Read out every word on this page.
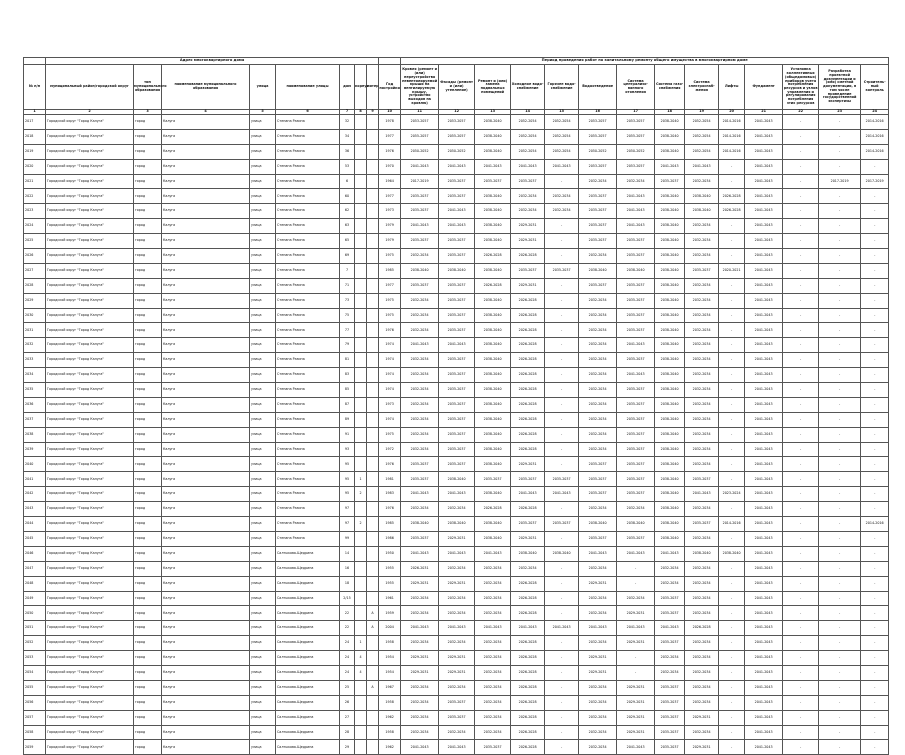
	Адрес многоквартирного дома									Период проведения работ по капитальному ремонту общего имущества в многоквартирном доме													
№ п/п	муниципальный район/городской округ	тип муниципального образования	наименование муниципального образования	улица	наименование улицы	дом	корпус	литер	Год постройки	Кровля (ремонт и (или) переустройство невентилируемой крыши на вентилируемую крышу, устройство выходов на кровлю)	Фасады (ремонт и (или) утепление)	Ремонт и (или) замена подвальных помещений	Холодное водо-снабжение	Горячее водо-снабжение	Водоотведение	Система централизо-ванного отопления	Система газо-снабжения	Система электроснаб-жения	Лифты	Фундамент	Установка коллективных (общедомовых) приборов учета потребления ресурсов и узлов управления и регулирования потребления этих ресурсов	Разработка проектной документации и (или) сметной документации, в том числе проведение государственной экспертизы	Строитель-ный контроль
1	2	3	4	5	6	7	8	9	10	11	12	13	14	15	16	17	18	19	20	21	22	23	24
2017	Городской округ "Город Калуга"	город	Калуга	улица	Степана Разина	32			1978	2053-2057	2053-2057	2038-2040	2052-2054	2052-2054	2053-2057	2053-2057	2038-2040	2052-2054	2014-2016	2041-2043	-	-	2014-2016
2018	Городской округ "Город Калуга"	город	Калуга	улица	Степана Разина	34			1977	2055-2057	2055-2057	2038-2040	2052-2054	2052-2054	2055-2057	2055-2057	2038-2040	2052-2054	2014-2016	2041-2043	-	-	2014-2016
2019	Городской округ "Город Калуга"	город	Калуга	улица	Степана Разина	36			1976	2050-2052	2050-2052	2038-2040	2052-2054	2052-2054	2050-2052	2050-2052	2038-2040	2052-2054	2014-2016	2041-2043	-	-	2014-2016
2020	Городской округ "Город Калуга"	город	Калуга	улица	Степана Разина	53			1970	2041-2043	2041-2043	2041-2043	2041-2043	2041-2043	2053-2057	2053-2057	2041-2043	2041-2043	-	2041-2043	-	-	-
2021	Городской округ "Город Калуга"	город	Калуга	улица	Степана Разина	6			1964	2017-2019	2035-2037	2035-2037	2035-2037	-	2032-2034	2032-2034	2035-2037	2032-2034	-	2041-2043	-	2017-2019	2017-2019
2022	Городской округ "Город Калуга"	город	Калуга	улица	Степана Разина	60			1977	2035-2037	2035-2037	2038-2040	2032-2034	2032-2034	2035-2037	2041-2043	2038-2040	2038-2040	2026-2028	2041-2043	-	-	-
2023	Городской округ "Город Калуга"	город	Калуга	улица	Степана Разина	62			1973	2035-2037	2041-2043	2038-2040	2032-2034	2032-2034	2035-2037	2041-2043	2038-2040	2038-2040	2026-2028	2041-2043	-	-	-
2024	Городской округ "Город Калуга"	город	Калуга	улица	Степана Разина	63			1979	2041-2043	2041-2043	2038-2040	2029-2031	-	2035-2037	2041-2043	2038-2040	2032-2034	-	2041-2043	-	-	-
2025	Городской округ "Город Калуга"	город	Калуга	улица	Степана Разина	65			1979	2035-2037	2035-2037	2038-2040	2029-2031	-	2035-2037	2035-2037	2038-2040	2032-2034	-	2041-2043	-	-	-
2026	Городской округ "Город Калуга"	город	Калуга	улица	Степана Разина	69			1975	2032-2034	2035-2037	2026-2028	2026-2028	-	2032-2034	2035-2037	2038-2040	2032-2034	-	2041-2043	-	-	-
2027	Городской округ "Город Калуга"	город	Калуга	улица	Степана Разина	7			1985	2038-2040	2038-2040	2038-2040	2035-2037	2035-2037	2038-2040	2038-2040	2038-2040	2035-2037	2020-2021	2041-2043	-	-	-
2028	Городской округ "Город Калуга"	город	Калуга	улица	Степана Разина	71			1977	2035-2037	2035-2037	2026-2028	2029-2031	-	2035-2037	2035-2037	2038-2040	2032-2034	-	2041-2043	-	-	-
2029	Городской округ "Город Калуга"	город	Калуга	улица	Степана Разина	73			1975	2032-2034	2035-2037	2038-2040	2026-2028	-	2032-2034	2035-2037	2038-2040	2032-2034	-	2041-2043	-	-	-
2030	Городской округ "Город Калуга"	город	Калуга	улица	Степана Разина	75			1975	2032-2034	2035-2037	2038-2040	2026-2028	-	2032-2034	2035-2037	2038-2040	2032-2034	-	2041-2043	-	-	-
2031	Городской округ "Город Калуга"	город	Калуга	улица	Степана Разина	77			1976	2032-2034	2035-2037	2038-2040	2026-2028	-	2032-2034	2035-2037	2038-2040	2032-2034	-	2041-2043	-	-	-
2032	Городской округ "Город Калуга"	город	Калуга	улица	Степана Разина	79			1974	2041-2043	2041-2043	2038-2040	2026-2028	-	2032-2034	2041-2043	2038-2040	2032-2034	-	2041-2043	-	-	-
2033	Городской округ "Город Калуга"	город	Калуга	улица	Степана Разина	81			1974	2032-2034	2035-2037	2038-2040	2026-2028	-	2032-2034	2035-2037	2038-2040	2032-2034	-	2041-2043	-	-	-
2034	Городской округ "Город Калуга"	город	Калуга	улица	Степана Разина	83			1974	2032-2034	2035-2037	2038-2040	2026-2028	-	2032-2034	2041-2043	2038-2040	2032-2034	-	2041-2043	-	-	-
2035	Городской округ "Город Калуга"	город	Калуга	улица	Степана Разина	85			1974	2032-2034	2035-2037	2038-2040	2026-2028	-	2032-2034	2035-2037	2038-2040	2032-2034	-	2041-2043	-	-	-
2036	Городской округ "Город Калуга"	город	Калуга	улица	Степана Разина	87			1973	2032-2034	2035-2037	2038-2040	2026-2028	-	2032-2034	2035-2037	2038-2040	2032-2034	-	2041-2043	-	-	-
2037	Городской округ "Город Калуга"	город	Калуга	улица	Степана Разина	89			1974	2032-2034	2035-2037	2038-2040	2026-2028	-	2032-2034	2035-2037	2038-2040	2032-2034	-	2041-2043	-	-	-
2038	Городской округ "Город Калуга"	город	Калуга	улица	Степана Разина	91			1975	2032-2034	2035-2037	2038-2040	2026-2028	-	2032-2034	2035-2037	2038-2040	2032-2034	-	2041-2043	-	-	-
2039	Городской округ "Город Калуга"	город	Калуга	улица	Степана Разина	93			1972	2032-2034	2035-2037	2038-2040	2026-2028	-	2032-2034	2035-2037	2038-2040	2032-2034	-	2041-2043	-	-	-
2040	Городской округ "Город Калуга"	город	Калуга	улица	Степана Разина	95			1976	2035-2037	2035-2037	2038-2040	2029-2031	-	2035-2037	2035-2037	2038-2040	2032-2034	-	2041-2043	-	-	-
2041	Городской округ "Город Калуга"	город	Калуга	улица	Степана Разина	95	1		1981	2035-2037	2038-2040	2035-2037	2035-2037	2035-2037	2035-2037	2035-2037	2038-2040	2035-2037	-	2041-2043	-	-	-
2042	Городской округ "Город Калуга"	город	Калуга	улица	Степана Разина	95	2		1983	2041-2043	2041-2043	2038-2040	2041-2043	2041-2043	2035-2037	2035-2037	2038-2040	2041-2043	2023-2024	2041-2043	-	-	-
2043	Городской округ "Город Калуга"	город	Калуга	улица	Степана Разина	97			1976	2032-2034	2032-2034	2026-2028	2026-2028	-	2032-2034	2032-2034	2038-2040	2032-2034	-	2041-2043	-	-	-
2044	Городской округ "Город Калуга"	город	Калуга	улица	Степана Разина	97	2		1985	2038-2040	2038-2040	2038-2040	2035-2037	2035-2037	2038-2040	2038-2040	2038-2040	2035-2037	2014-2016	2041-2043	-	-	2014-2016
2045	Городской округ "Город Калуга"	город	Калуга	улица	Степана Разина	99			1986	2035-2037	2029-2031	2038-2040	2029-2031	-	2035-2037	2035-2037	2038-2040	2032-2034	-	2041-2043	-	-	-
2046	Городской округ "Город Калуга"	город	Калуга	улица	Салтыкова-Щедрина	14			1950	2041-2043	2041-2043	2041-2043	2038-2040	2038-2040	2041-2043	2041-2043	2041-2043	2038-2040	2038-2040	2041-2043	-	-	-
2047	Городской округ "Город Калуга"	город	Калуга	улица	Салтыкова-Щедрина	16			1955	2026-2031	2032-2034	2032-2034	2032-2034	-	2032-2034	-	2032-2034	2032-2034	-	2041-2043	-	-	-
2048	Городской округ "Город Калуга"	город	Калуга	улица	Салтыкова-Щедрина	18			1955	2029-2031	2029-2031	2032-2034	2026-2028	-	2029-2031	-	2032-2034	2032-2034	-	2041-2043	-	-	-
2049	Городской округ "Город Калуга"	город	Калуга	улица	Салтыкова-Щедрина	2/15			1961	2032-2034	2032-2034	2032-2034	2026-2028	-	2032-2034	2032-2034	2035-2037	2032-2034	-	2041-2043	-	-	-
2050	Городской округ "Город Калуга"	город	Калуга	улица	Салтыкова-Щедрина	22		А	1959	2032-2034	2032-2034	2032-2034	2026-2028	-	2032-2034	2029-2031	2035-2037	2032-2034	-	2041-2043	-	-	-
2051	Городской округ "Город Калуга"	город	Калуга	улица	Салтыкова-Щедрина	22		А	2004	2041-2043	2041-2043	2041-2043	2041-2043	2041-2043	2041-2043	2041-2043	2041-2043	2026-2028	-	2041-2043	-	-	-
2052	Городской округ "Город Калуга"	город	Калуга	улица	Салтыкова-Щедрина	24	1		1958	2032-2034	2032-2034	2032-2034	2026-2028	-	2032-2034	2029-2031	2035-2037	2032-2034	-	2041-2043	-	-	-
2053	Городской округ "Город Калуга"	город	Калуга	улица	Салтыкова-Щедрина	24	4		1954	2029-2031	2029-2031	2032-2034	2026-2028	-	2029-2031	-	2032-2034	2032-2034	-	2041-2043	-	-	-
2054	Городской округ "Город Калуга"	город	Калуга	улица	Салтыкова-Щедрина	24	4		1954	2029-2031	2029-2031	2032-2034	2026-2028	-	2029-2031	-	2032-2034	2032-2034	-	2041-2043	-	-	-
2055	Городской округ "Город Калуга"	город	Калуга	улица	Салтыкова-Щедрина	25		А	1967	2032-2034	2032-2034	2032-2034	2026-2028	-	2032-2034	2029-2031	2035-2037	2032-2034	-	2041-2043	-	-	-
2056	Городской округ "Город Калуга"	город	Калуга	улица	Салтыкова-Щедрина	26			1958	2032-2034	2035-2037	2032-2034	2026-2028	-	2032-2034	2029-2031	2035-2037	2032-2034	-	2041-2043	-	-	-
2057	Городской округ "Город Калуга"	город	Калуга	улица	Салтыкова-Щедрина	27			1962	2032-2034	2035-2037	2032-2034	2026-2028	-	2032-2034	2029-2031	2035-2037	2029-2031	-	2041-2043	-	-	-
2058	Городской округ "Город Калуга"	город	Калуга	улица	Салтыкова-Щедрина	28			1958	2032-2034	2032-2034	2032-2034	2026-2028	-	2032-2034	2029-2031	2035-2037	2032-2034	-	2041-2043	-	-	-
2059	Городской округ "Город Калуга"	город	Калуга	улица	Салтыкова-Щедрина	29			1962	2041-2043	2041-2043	2035-2037	2026-2028	-	2032-2034	2041-2043	2035-2037	2029-2031	-	2041-2043	-	-	-
